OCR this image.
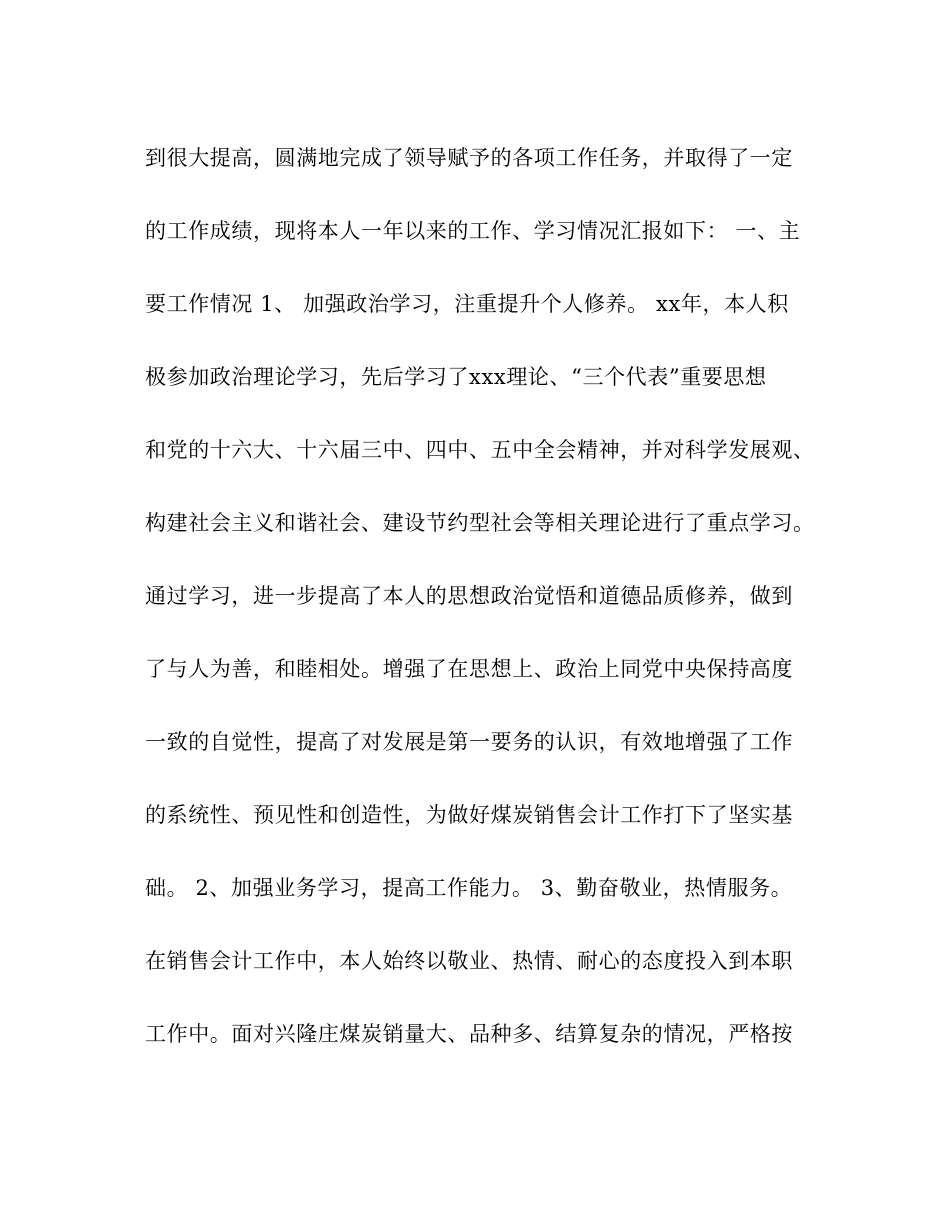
到很大提高，圆满地完成了领导赋予的各项工作任务，并取得了一定
的工作成绩，现将本人一年以来的工作、学习情况汇报如下： 一、主
要工作情况 1、 加强政治学习，注重提升个人修养。 xx年，本人积
极参加政治理论学习，先后学习了xxx理论、“三个代表”重要思想
和党的十六大、十六届三中、四中、五中全会精神，并对科学发展观、
构建社会主义和谐社会、建设节约型社会等相关理论进行了重点学习。
通过学习，进一步提高了本人的思想政治觉悟和道德品质修养，做到
了与人为善，和睦相处。增强了在思想上、政治上同党中央保持高度
一致的自觉性，提高了对发展是第一要务的认识，有效地增强了工作
的系统性、预见性和创造性，为做好煤炭销售会计工作打下了坚实基
础。 2、加强业务学习，提高工作能力。 3、勤奋敬业，热情服务。
在销售会计工作中，本人始终以敬业、热情、耐心的态度投入到本职
工作中。面对兴隆庄煤炭销量大、品种多、结算复杂的情况，严格按
